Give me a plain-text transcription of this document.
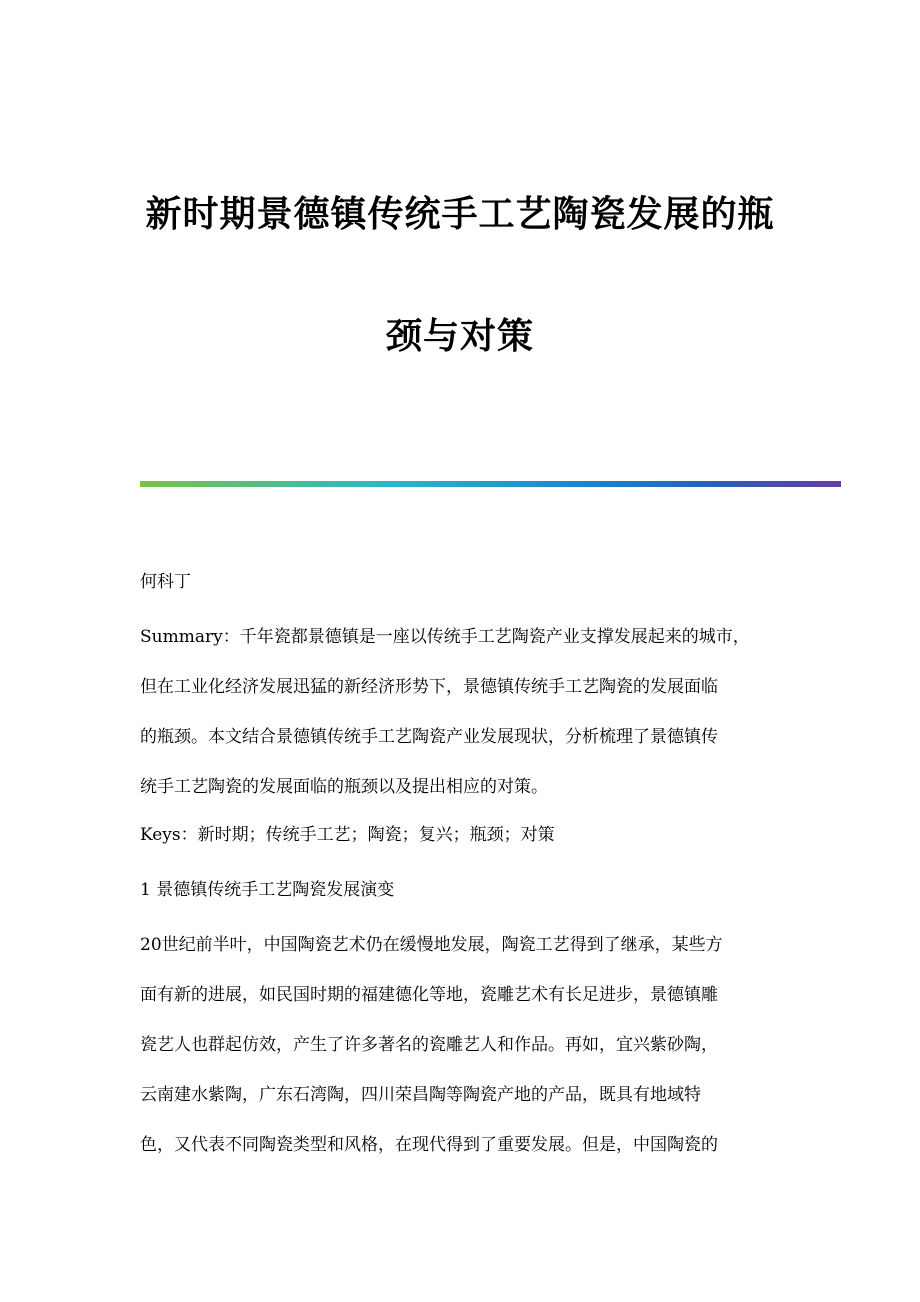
新时期景德镇传统手工艺陶瓷发展的瓶
颈与对策
何科丁
Summary：千年瓷都景德镇是一座以传统手工艺陶瓷产业支撑发展起来的城市，
但在工业化经济发展迅猛的新经济形势下，景德镇传统手工艺陶瓷的发展面临
的瓶颈。本文结合景德镇传统手工艺陶瓷产业发展现状，分析梳理了景德镇传
统手工艺陶瓷的发展面临的瓶颈以及提出相应的对策。
Keys：新时期；传统手工艺；陶瓷；复兴；瓶颈；对策
1 景德镇传统手工艺陶瓷发展演变
20世纪前半叶，中国陶瓷艺术仍在缓慢地发展，陶瓷工艺得到了继承，某些方
面有新的进展，如民国时期的福建德化等地，瓷雕艺术有长足进步，景德镇雕
瓷艺人也群起仿效，产生了许多著名的瓷雕艺人和作品。再如，宜兴紫砂陶，
云南建水紫陶，广东石湾陶，四川荣昌陶等陶瓷产地的产品，既具有地域特
色，又代表不同陶瓷类型和风格，在现代得到了重要发展。但是，中国陶瓷的
